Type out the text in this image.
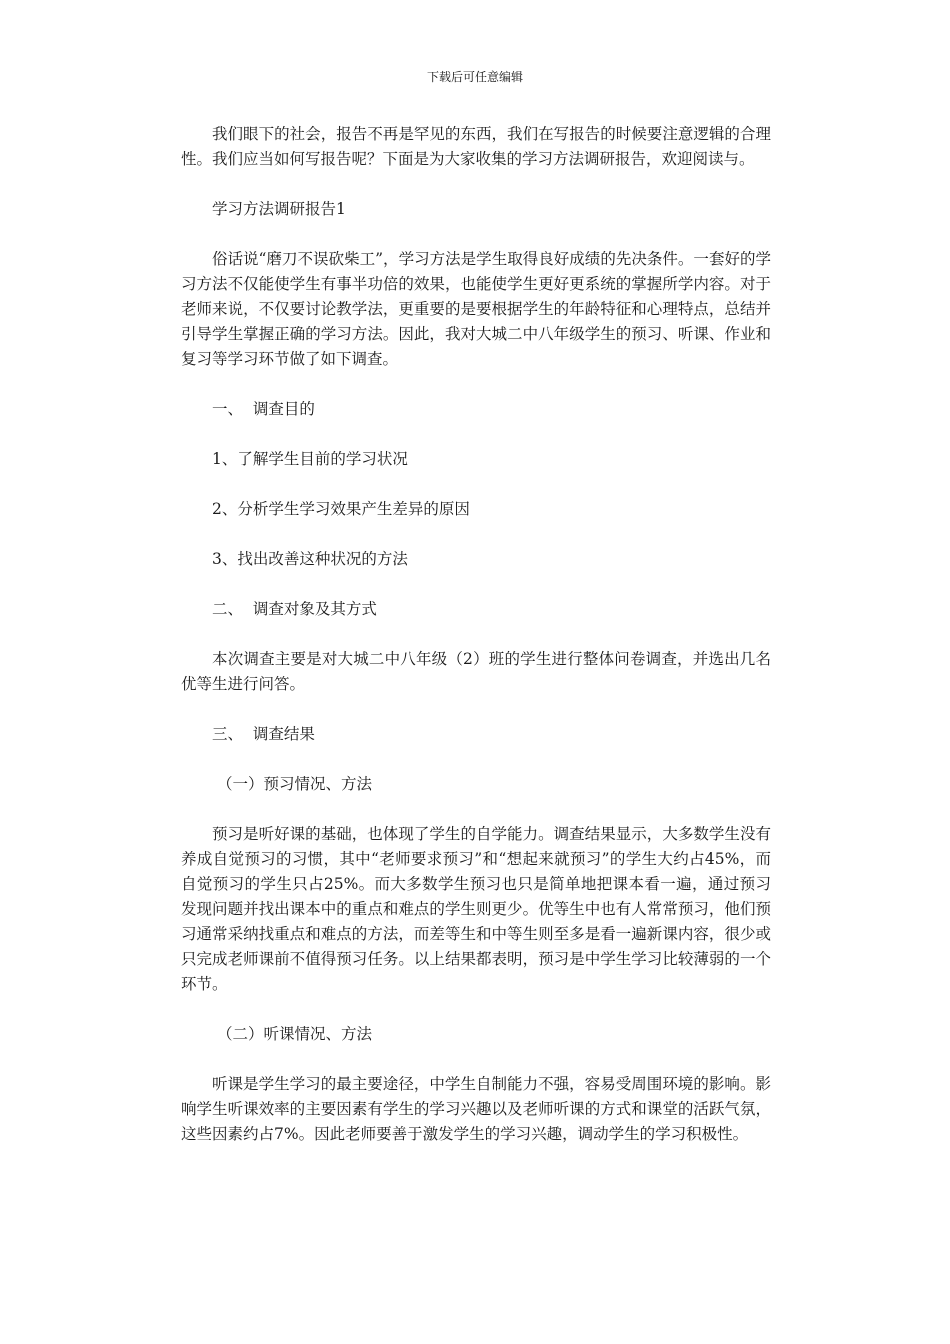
下载后可任意编辑

我们眼下的社会，报告不再是罕见的东西，我们在写报告的时候要注意逻辑的合理性。我们应当如何写报告呢？下面是为大家收集的学习方法调研报告，欢迎阅读与。

学习方法调研报告1

俗话说“磨刀不误砍柴工”，学习方法是学生取得良好成绩的先决条件。一套好的学习方法不仅能使学生有事半功倍的效果，也能使学生更好更系统的掌握所学内容。对于老师来说，不仅要讨论教学法，更重要的是要根据学生的年龄特征和心理特点，总结并引导学生掌握正确的学习方法。因此，我对大城二中八年级学生的预习、听课、作业和复习等学习环节做了如下调查。

一、  调查目的

1、了解学生目前的学习状况

2、分析学生学习效果产生差异的原因

3、找出改善这种状况的方法

二、  调查对象及其方式

本次调查主要是对大城二中八年级（2）班的学生进行整体问卷调查，并选出几名优等生进行问答。

三、  调查结果

（一）预习情况、方法

预习是听好课的基础，也体现了学生的自学能力。调查结果显示，大多数学生没有养成自觉预习的习惯，其中“老师要求预习”和“想起来就预习”的学生大约占45%，而自觉预习的学生只占25%。而大多数学生预习也只是简单地把课本看一遍，通过预习发现问题并找出课本中的重点和难点的学生则更少。优等生中也有人常常预习，他们预习通常采纳找重点和难点的方法，而差等生和中等生则至多是看一遍新课内容，很少或只完成老师课前不值得预习任务。以上结果都表明，预习是中学生学习比较薄弱的一个环节。

（二）听课情况、方法

听课是学生学习的最主要途径，中学生自制能力不强，容易受周围环境的影响。影响学生听课效率的主要因素有学生的学习兴趣以及老师听课的方式和课堂的活跃气氛，这些因素约占7%。因此老师要善于激发学生的学习兴趣，调动学生的学习积极性。
